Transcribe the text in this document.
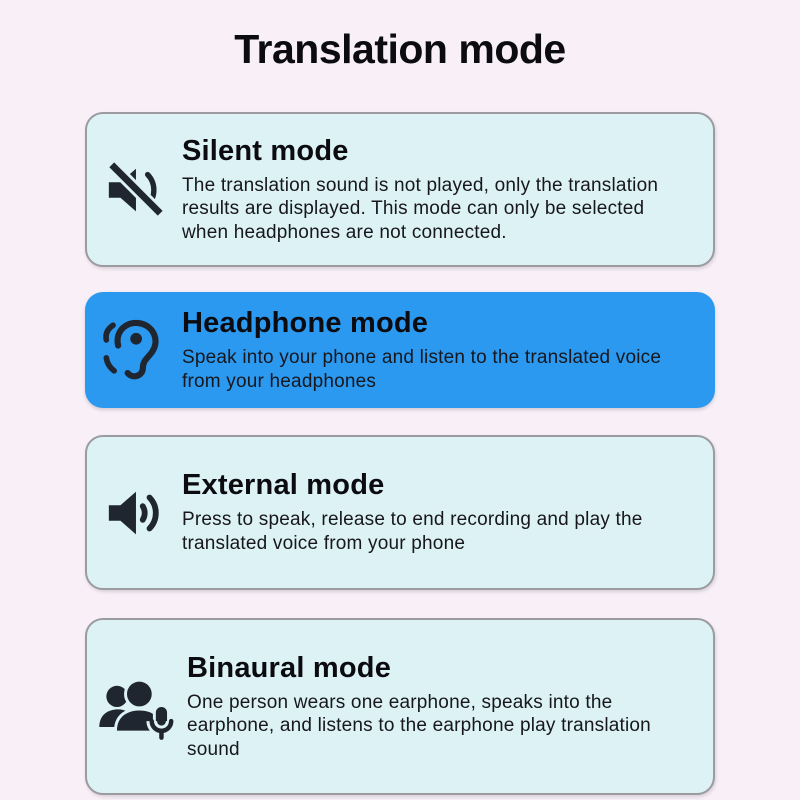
Translation mode
Silent mode

The translation sound is not played, only the translation results are displayed. This mode can only be selected when headphones are not connected.

Headphone mode

Speak into your phone and listen to the translated voice from your headphones

External mode

Press to speak, release to end recording and play the translated voice from your phone

Binaural mode

One person wears one earphone, speaks into the earphone, and listens to the earphone play translation sound
